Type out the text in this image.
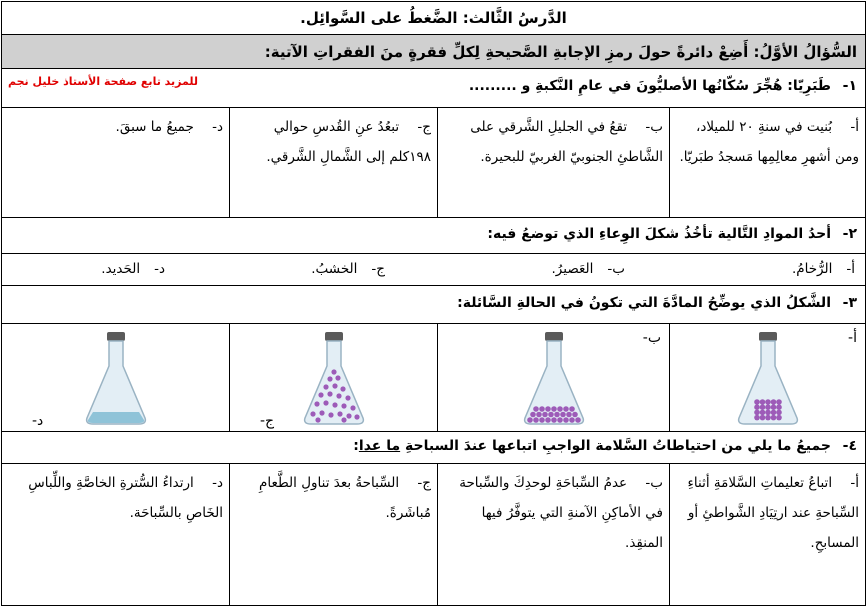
الدَّرسُ الثَّالث: الضَّغطُ على السَّوائِل.
السُّؤالُ الأوَّلُ: أَضِعْ دائرةً حولَ رمزِ الإجابةِ الصَّحيحةِ لِكلِّ فقرةٍ منَ الفقراتِ الآتية:
١-
طَبَرِيّا: هُجِّرَ سُكّانُها الأصليُّونَ في عامِ النَّكبةِ و .........
للمزيد تابع صفحة الأستاذ خليل نجم
أ- بُنيت في سنةِ ٢٠ للميلاد، ومن أشهرِ معالِمِها مَسجدُ طبَريّا.
ب- تقعُ في الجليلِ الشَّرقي على الشَّاطئِ الجنوبيّ الغربيّ للبحيرة.
ج- تبعُدُ عنِ القُدسِ حوالي ١٩٨كلم إلى الشَّمالِ الشَّرقي.
د- جميعُ ما سبقَ.
٢-
أحدُ الموادِ التَّالية تأخُذُ شكلَ الوِعاءِ الذي توضعُ فيه:
أ-الرُّخامُ.
ب-العَصيرُ.
ج-الخشبُ.
د-الحَديد.
٣-
الشَّكلُ الذي يوضِّحُ المادَّةَ التي تكونُ في الحالةِ السَّائلة:
أ-
ب-
ج-
د-
٤-
جميعُ ما يلي من احتياطاتُ السَّلامة الواجبِ اتباعها عندَ السباحةِ ما عدا:
أ- اتباعُ تعليماتِ السَّلامَةِ أثناءِ السِّباحةِ عند ارتِيَادِ الشَّواطئِ أو المسابحِ.
ب- عدمُ السِّباحَةِ لوحدِكَ والسِّباحة في الأماكِنِ الآمنةِ التي يتوفَّرُ فيها المنقِذ.
ج- السِّباحةُ بعدَ تناولِ الطَّعامِ مُباشَرةً.
د- ارتداءُ السُّترةِ الخاصَّةِ واللِّباسِ الخَاصِ بالسِّباحَة.
